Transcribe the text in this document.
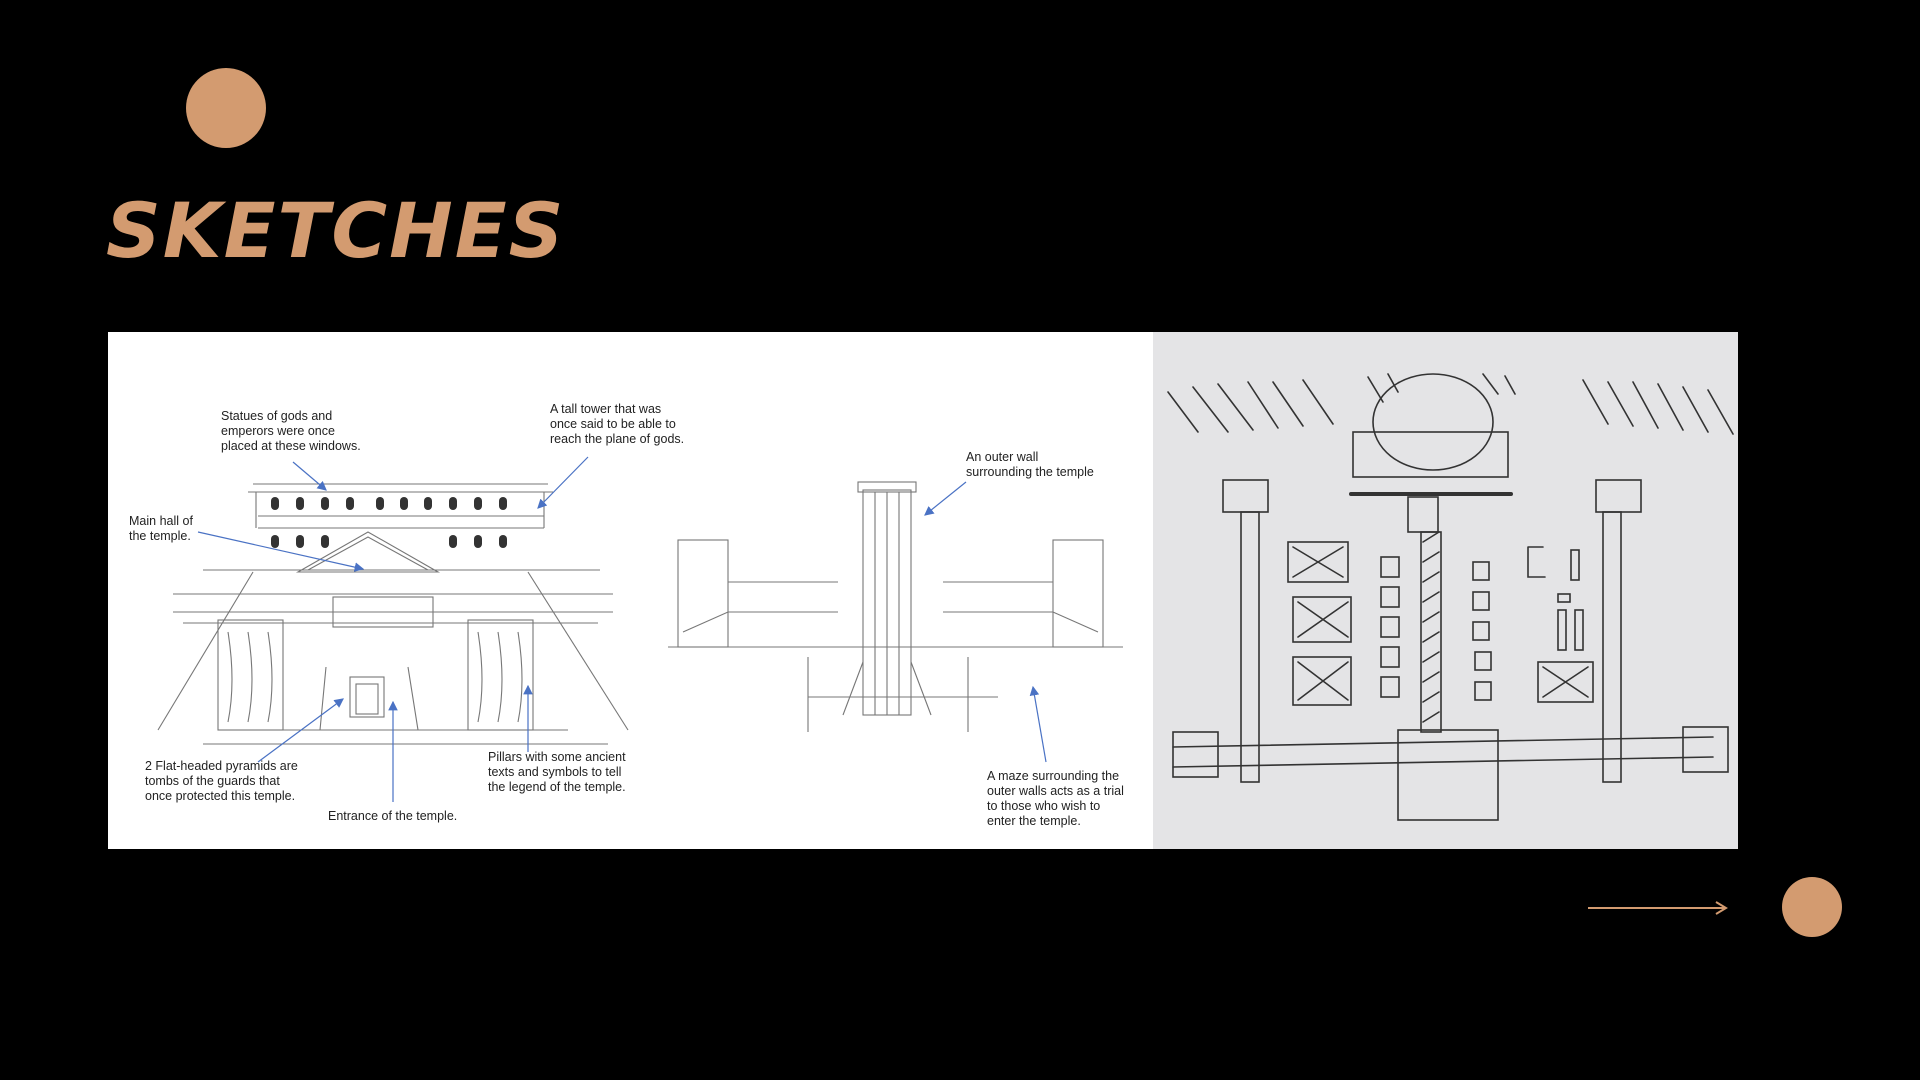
SKETCHES

Statues of gods and
emperors were once
placed at these windows.

A tall tower that was
once said to be able to
reach the plane of gods.

Main hall of
the temple.

An outer wall
surrounding the temple

2 Flat-headed pyramids are
tombs of the guards that
once protected this temple.

Entrance of the temple.

Pillars with some ancient
texts and symbols to tell
the legend of the temple.

A maze surrounding the
outer walls acts as a trial
to those who wish to
enter the temple.
